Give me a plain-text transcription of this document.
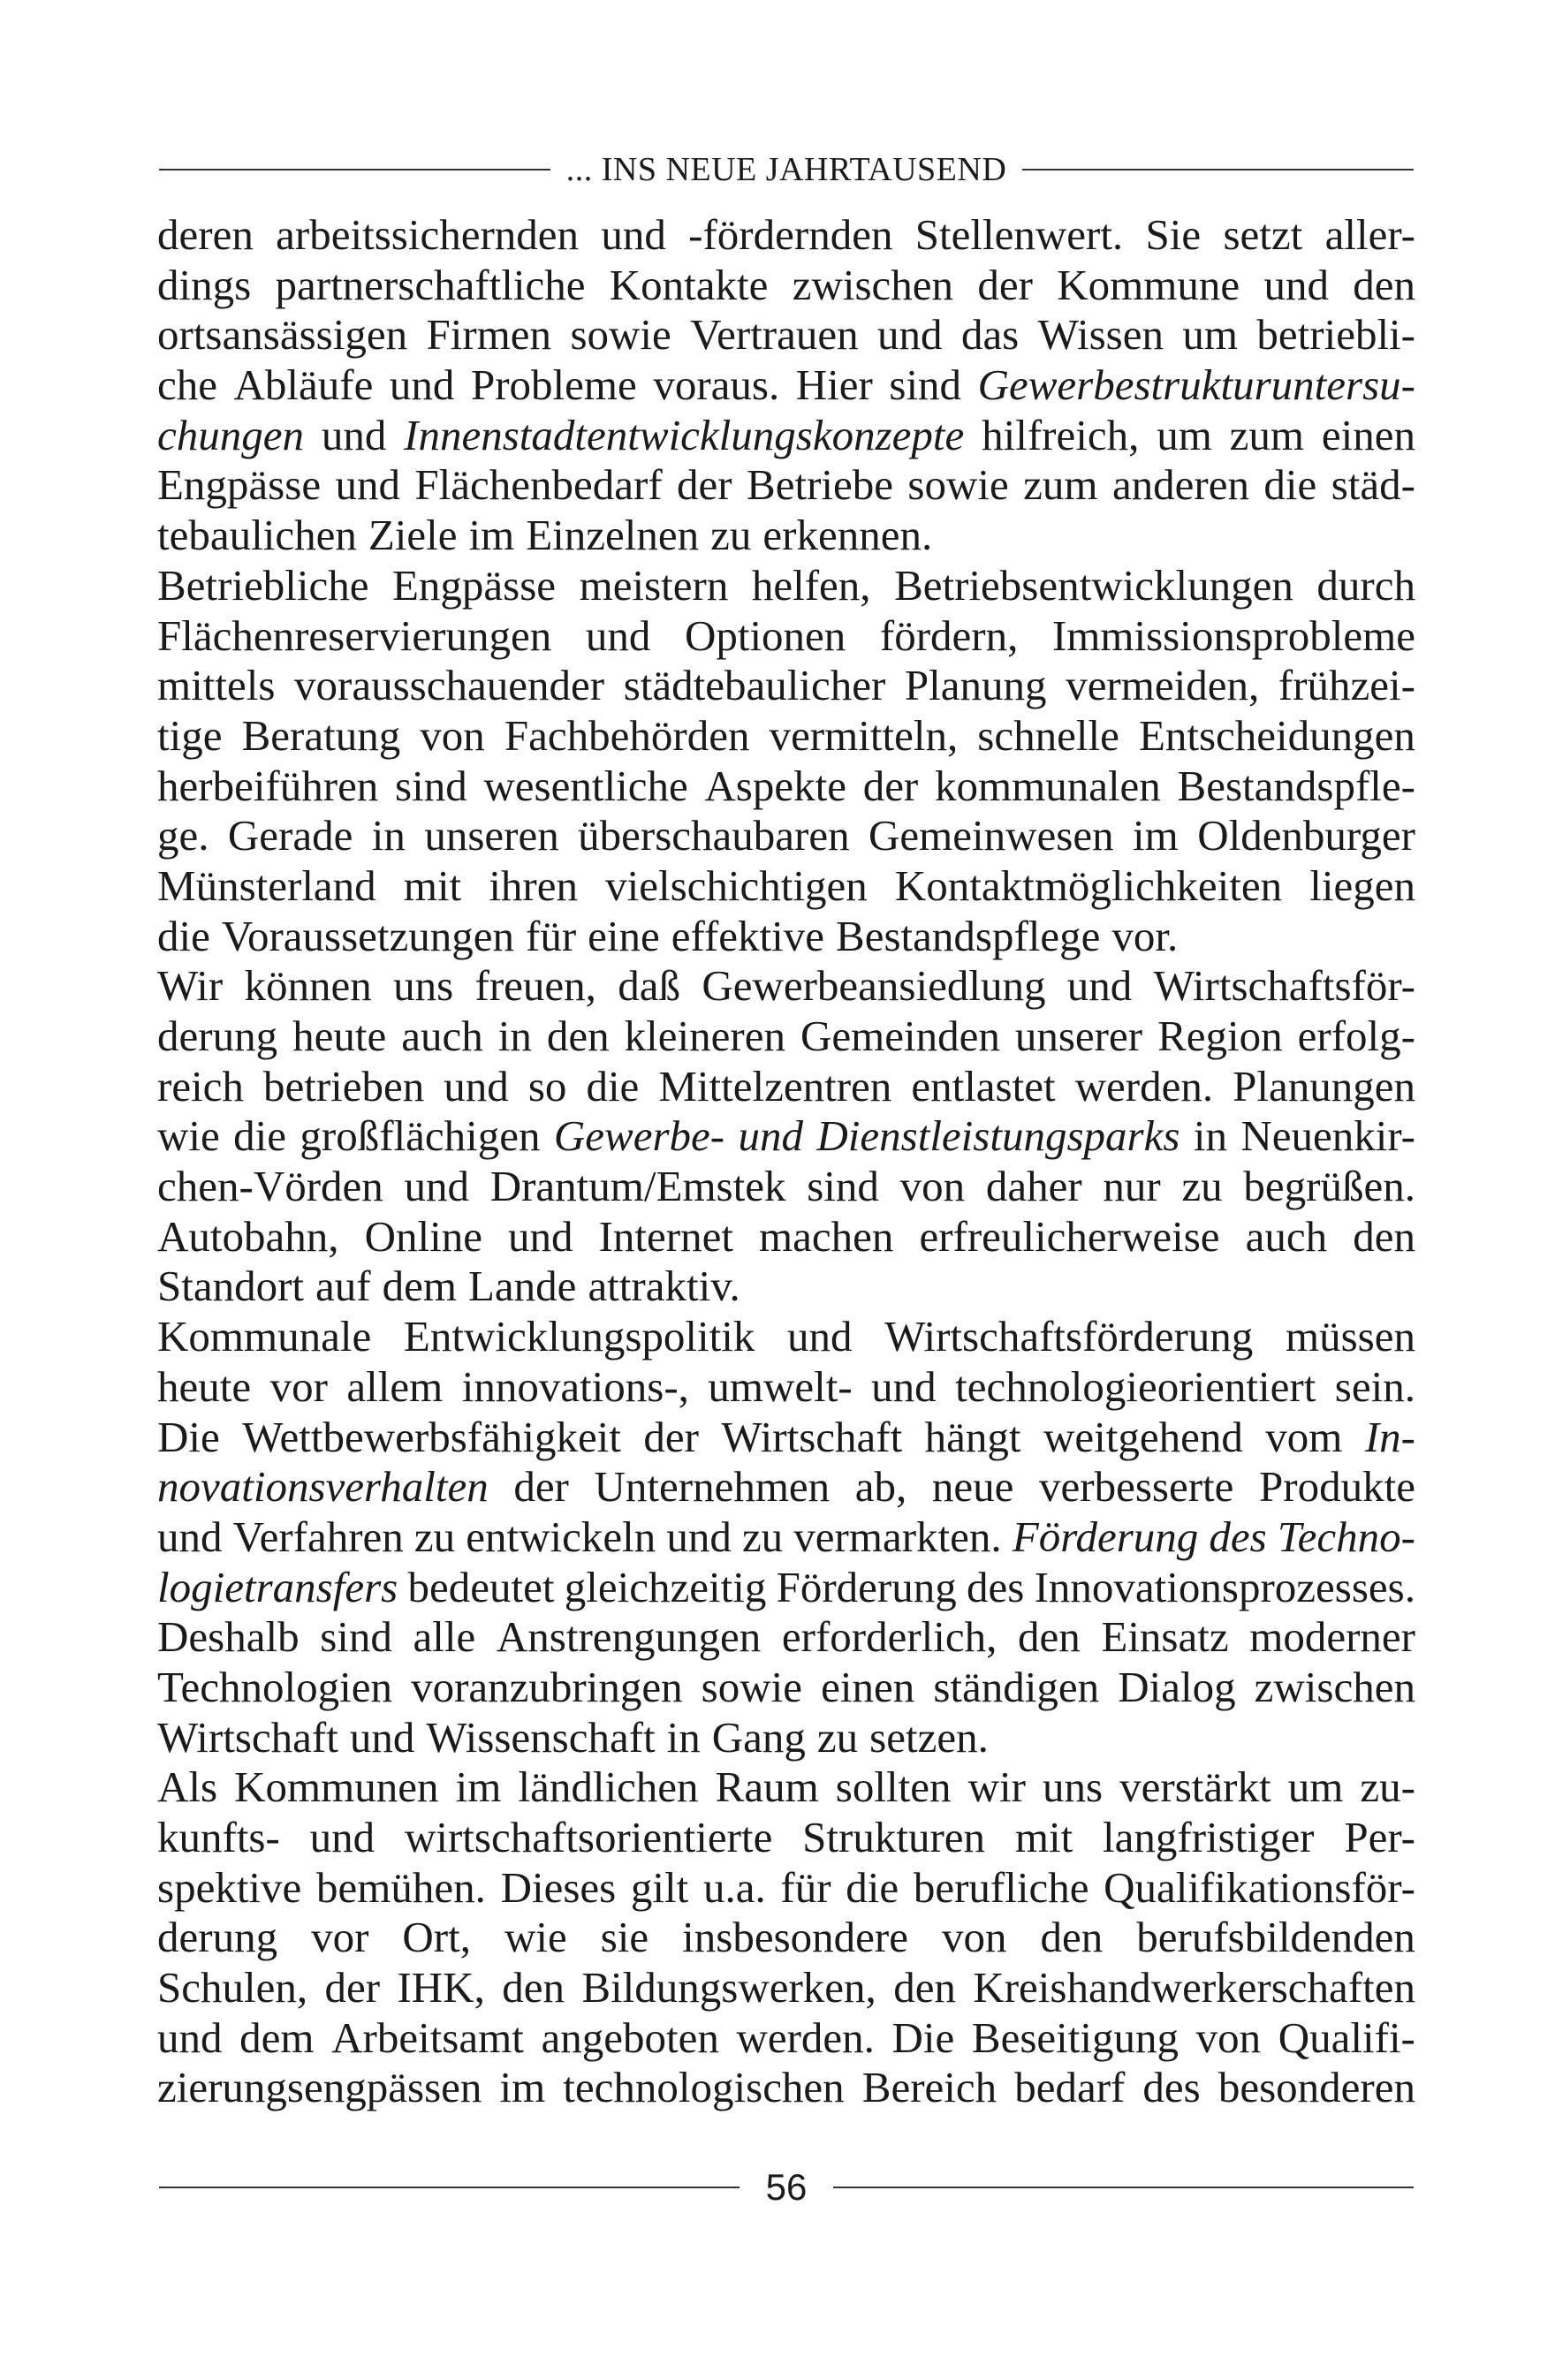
... INS NEUE JAHRTAUSEND
deren arbeitssichernden und -fördernden Stellenwert. Sie setzt aller-
dings partnerschaftliche Kontakte zwischen der Kommune und den
ortsansässigen Firmen sowie Vertrauen und das Wissen um betriebli-
che Abläufe und Probleme voraus. Hier sind Gewerbestrukturuntersu-
chungen und Innenstadtentwicklungskonzepte hilfreich, um zum einen
Engpässe und Flächenbedarf der Betriebe sowie zum anderen die städ-
tebaulichen Ziele im Einzelnen zu erkennen.
Betriebliche Engpässe meistern helfen, Betriebsentwicklungen durch
Flächenreservierungen und Optionen fördern, Immissionsprobleme
mittels vorausschauender städtebaulicher Planung vermeiden, frühzei-
tige Beratung von Fachbehörden vermitteln, schnelle Entscheidungen
herbeiführen sind wesentliche Aspekte der kommunalen Bestandspfle-
ge. Gerade in unseren überschaubaren Gemeinwesen im Oldenburger
Münsterland mit ihren vielschichtigen Kontaktmöglichkeiten liegen
die Voraussetzungen für eine effektive Bestandspflege vor.
Wir können uns freuen, daß Gewerbeansiedlung und Wirtschaftsför-
derung heute auch in den kleineren Gemeinden unserer Region erfolg-
reich betrieben und so die Mittelzentren entlastet werden. Planungen
wie die großflächigen Gewerbe- und Dienstleistungsparks in Neuenkir-
chen-Vörden und Drantum/Emstek sind von daher nur zu begrüßen.
Autobahn, Online und Internet machen erfreulicherweise auch den
Standort auf dem Lande attraktiv.
Kommunale Entwicklungspolitik und Wirtschaftsförderung müssen
heute vor allem innovations-, umwelt- und technologieorientiert sein.
Die Wettbewerbsfähigkeit der Wirtschaft hängt weitgehend vom In-
novationsverhalten der Unternehmen ab, neue verbesserte Produkte
und Verfahren zu entwickeln und zu vermarkten. Förderung des Techno-
logietransfers bedeutet gleichzeitig Förderung des Innovationsprozesses.
Deshalb sind alle Anstrengungen erforderlich, den Einsatz moderner
Technologien voranzubringen sowie einen ständigen Dialog zwischen
Wirtschaft und Wissenschaft in Gang zu setzen.
Als Kommunen im ländlichen Raum sollten wir uns verstärkt um zu-
kunfts- und wirtschaftsorientierte Strukturen mit langfristiger Per-
spektive bemühen. Dieses gilt u.a. für die berufliche Qualifikationsför-
derung vor Ort, wie sie insbesondere von den berufsbildenden
Schulen, der IHK, den Bildungswerken, den Kreishandwerkerschaften
und dem Arbeitsamt angeboten werden. Die Beseitigung von Qualifi-
zierungsengpässen im technologischen Bereich bedarf des besonderen
56
